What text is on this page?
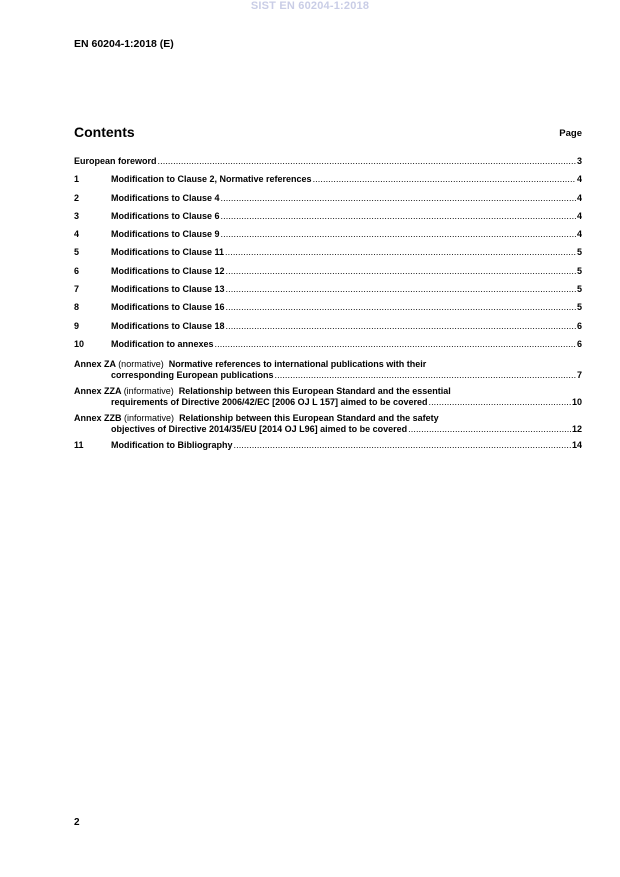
SIST EN 60204-1:2018
EN 60204-1:2018 (E)
Contents	Page
European foreword .....	3
1	Modification to Clause 2, Normative references .....	4
2	Modifications to Clause 4 .....	4
3	Modifications to Clause 6 .....	4
4	Modifications to Clause 9 .....	4
5	Modifications to Clause 11 .....	5
6	Modifications to Clause 12 .....	5
7	Modifications to Clause 13 .....	5
8	Modifications to Clause 16 .....	5
9	Modifications to Clause 18 .....	6
10	Modification to annexes .....	6
Annex ZA (normative) Normative references to international publications with their
corresponding European publications .....	7
Annex ZZA (informative) Relationship between this European Standard and the essential
requirements of Directive 2006/42/EC [2006 OJ L 157] aimed to be covered .....	10
Annex ZZB (informative) Relationship between this European Standard and the safety
objectives of Directive 2014/35/EU [2014 OJ L96] aimed to be covered .....	12
11	Modification to Bibliography .....	14
2
